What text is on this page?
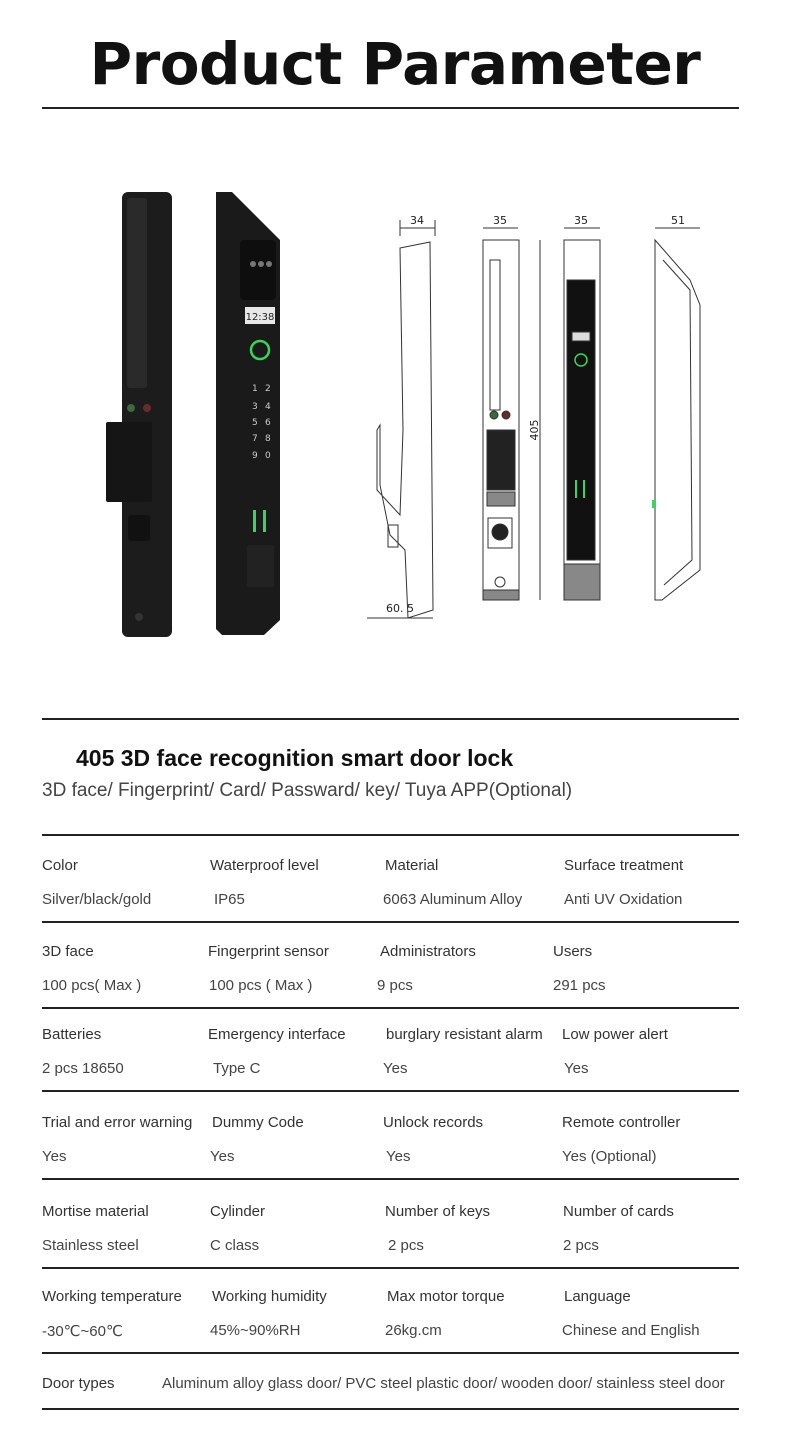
Product Parameter
12:38
1 2
3 4
5 6
7 8
9 0
34
60. 5
35
405
35	51
405 3D face recognition smart door lock
3D face/ Fingerprint/ Card/ Passward/ key/ Tuya APP(Optional)
Color
Silver/black/gold
Waterproof level
IP65
Material
6063 Aluminum Alloy
Surface treatment
Anti UV Oxidation
3D face
100 pcs( Max )
Fingerprint sensor
100 pcs ( Max )
Administrators
9 pcs
Users
291 pcs
Batteries
2 pcs 18650
Emergency interface
Type C
burglary resistant alarm
Yes
Low power alert
Yes
Trial and error warning
Yes
Dummy Code
Yes
Unlock records
Yes
Remote controller
Yes (Optional)
Mortise material
Stainless steel
Cylinder
C class
Number of keys
2 pcs
Number of cards
2 pcs
Working temperature
-30℃~60℃
Working humidity
45%~90%RH
Max motor torque
26kg.cm
Language
Chinese and English
Door types	Aluminum alloy glass door/ PVC steel plastic door/ wooden door/ stainless steel door
